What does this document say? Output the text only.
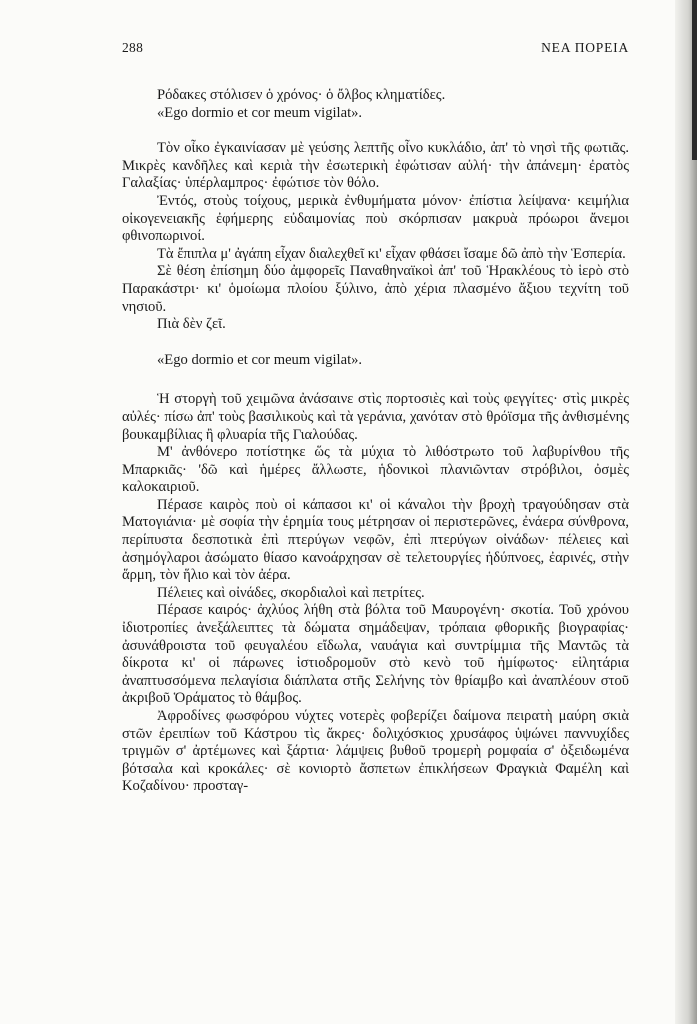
288	ΝΕΑ ΠΟΡΕΙΑ

Ρόδακες στόλισεν ὁ χρόνος· ὁ ὄλβος κληματίδες.

«Ego dormio et cor meum vigilat».

Τὸν οἶκο ἐγκαινίασαν μὲ γεύσης λεπτῆς οἶνο κυκλάδιο, ἀπ' τὸ νησὶ τῆς φωτιᾶς. Μικρὲς κανδῆλες καὶ κεριὰ τὴν ἐσωτερικὴ ἐφώτισαν αὐλή· τὴν ἀπάνεμη· ἐρατὸς Γαλαξίας· ὑπέρλαμπρος· ἐφώτισε τὸν θόλο.

Ἐντός, στοὺς τοίχους, μερικὰ ἐνθυμήματα μόνον· ἐπίστια λείψανα· κειμήλια οἰκογενειακῆς ἐφήμερης εὐδαιμονίας ποὺ σκόρπισαν μακρυὰ πρόωροι ἄνεμοι φθινοπωρινοί.

Τὰ ἔπιπλα μ' ἀγάπη εἶχαν διαλεχθεῖ κι' εἶχαν φθάσει ἴσαμε δῶ ἀπὸ τὴν Ἑσπερία.

Σὲ θέση ἐπίσημη δύο ἀμφορεῖς Παναθηναϊκοὶ ἀπ' τοῦ Ἡρακλέους τὸ ἱερὸ στὸ Παρακάστρι· κι' ὁμοίωμα πλοίου ξύλινο, ἀπὸ χέρια πλασμένο ἄξιου τεχνίτη τοῦ νησιοῦ.

Πιὰ δὲν ζεῖ.

«Ego dormio et cor meum vigilat».

Ἡ στοργὴ τοῦ χειμῶνα ἀνάσαινε στὶς πορτοσιὲς καὶ τοὺς φεγγίτες· στὶς μικρὲς αὐλές· πίσω ἀπ' τοὺς βασιλικοὺς καὶ τὰ γεράνια, χανόταν στὸ θρόϊσμα τῆς ἀνθισμένης βουκαμβίλιας ἢ φλυαρία τῆς Γιαλούδας.

Μ' ἀνθόνερο ποτίστηκε ὥς τὰ μύχια τὸ λιθόστρωτο τοῦ λαβυρίνθου τῆς Μπαρκιᾶς· 'δῶ καὶ ἡμέρες ἄλλωστε, ἡδονικοὶ πλανιῶνταν στρόβιλοι, ὀσμὲς καλοκαιριοῦ.

Πέρασε καιρὸς ποὺ οἱ κάπασοι κι' οἱ κάναλοι τὴν βροχὴ τραγούδησαν στὰ Ματογιάνια· μὲ σοφία τὴν ἐρημία τους μέτρησαν οἱ περιστερῶνες, ἐνάερα σύνθρονα, περίπυστα δεσποτικὰ ἐπὶ πτερύγων νεφῶν, ἐπὶ πτερύγων οἰνάδων· πέλειες καὶ ἀσημόγλαροι ἀσώματο θίασο κανοάρχησαν σὲ τελετουργίες ἡδύπνοες, ἐαρινές, στὴν ἅρμη, τὸν ἥλιο καὶ τὸν ἀέρα.

Πέλειες καὶ οἰνάδες, σκορδιαλοὶ καὶ πετρίτες.

Πέρασε καιρός· ἀχλύος λήθη στὰ βόλτα τοῦ Μαυρογένη· σκοτία. Τοῦ χρόνου ἰδιοτροπίες ἀνεξάλειπτες τὰ δώματα σημάδεψαν, τρόπαια φθορικῆς βιογραφίας· ἀσυνάθροιστα τοῦ φευγαλέου εἴδωλα, ναυάγια καὶ συντρίμμια τῆς Μαντῶς τὰ δίκροτα κι' οἱ πάρωνες ἱστιοδρομοῦν στὸ κενὸ τοῦ ἡμίφωτος· εἰλητάρια ἀναπτυσσόμενα πελαγίσια διάπλατα στῆς Σελήνης τὸν θρίαμβο καὶ ἀναπλέουν στοῦ ἀκριβοῦ Ὁράματος τὸ θάμβος.

Ἀφροδίνες φωσφόρου νύχτες νοτερὲς φοβερίζει δαίμονα πειρατὴ μαύρη σκιὰ στῶν ἐρειπίων τοῦ Κάστρου τὶς ἄκρες· δολιχόσκιος χρυσάφος ὑψώνει παννυχίδες τριγμῶν σ' ἀρτέμωνες καὶ ξάρτια· λάμψεις βυθοῦ τρομερὴ ρομφαία σ' ὀξειδωμένα βότσαλα καὶ κροκάλες· σὲ κονιορτὸ ἄσπετων ἐπικλήσεων Φραγκιὰ Φαμέλη καὶ Κοζαδίνου· προσταγ-
